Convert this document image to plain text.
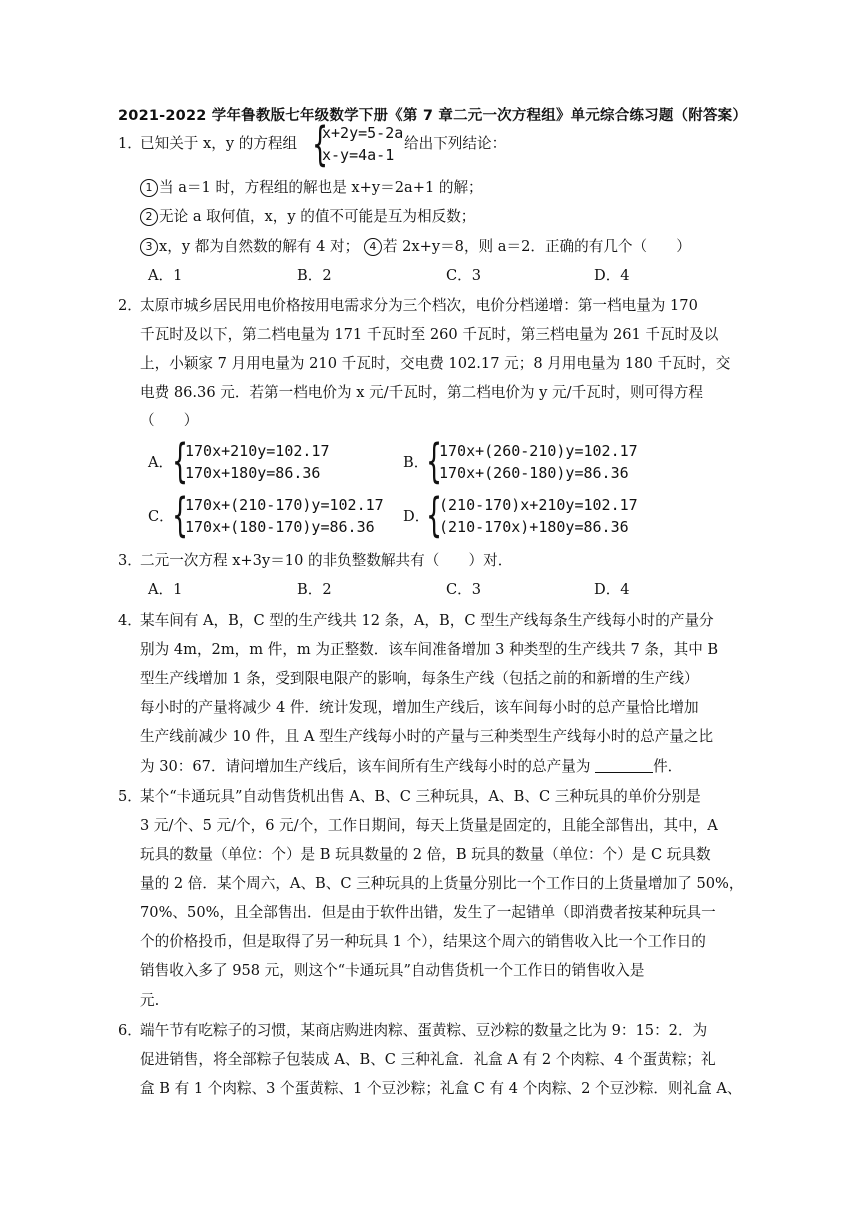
2021-2022 学年鲁教版七年级数学下册《第 7 章二元一次方程组》单元综合练习题（附答案）
1．已知关于 x，y 的方程组 {
x+2y=5-2a
x-y=4a-1
给出下列结论：
1 当 a＝1 时，方程组的解也是 x+y＝2a+1 的解；
2 无论 a 取何值，x，y 的值不可能是互为相反数；
3 x，y 都为自然数的解有 4 对； 4 若 2x+y＝8，则 a＝2．正确的有几个（　　）
A．1	B．2	C．3	D．4
2．太原市城乡居民用电价格按用电需求分为三个档次，电价分档递增：第一档电量为 170
千瓦时及以下，第二档电量为 171 千瓦时至 260 千瓦时，第三档电量为 261 千瓦时及以
上，小颖家 7 月用电量为 210 千瓦时，交电费 102.17 元；8 月用电量为 180 千瓦时，交
电费 86.36 元．若第一档电价为 x 元/千瓦时，第二档电价为 y 元/千瓦时，则可得方程
（　　）
A．
{
170x+210y=102.17
170x+180y=86.36
B．
{
170x+(260-210)y=102.17
170x+(260-180)y=86.36
C．
{
170x+(210-170)y=102.17
170x+(180-170)y=86.36
D．
{
(210-170)x+210y=102.17
(210-170x)+180y=86.36
3．二元一次方程 x+3y＝10 的非负整数解共有（　　）对．
A．1	B．2	C．3	D．4
4．某车间有 A，B，C 型的生产线共 12 条，A，B，C 型生产线每条生产线每小时的产量分
别为 4m，2m，m 件，m 为正整数．该车间准备增加 3 种类型的生产线共 7 条，其中 B
型生产线增加 1 条，受到限电限产的影响，每条生产线（包括之前的和新增的生产线）
每小时的产量将减少 4 件．统计发现，增加生产线后，该车间每小时的总产量恰比增加
生产线前减少 10 件，且 A 型生产线每小时的产量与三种类型生产线每小时的总产量之比
为 30：67．请问增加生产线后，该车间所有生产线每小时的总产量为	件．
5．某个“卡通玩具”自动售货机出售 A、B、C 三种玩具，A、B、C 三种玩具的单价分别是
3 元/个、5 元/个，6 元/个，工作日期间，每天上货量是固定的，且能全部售出，其中，A
玩具的数量（单位：个）是 B 玩具数量的 2 倍，B 玩具的数量（单位：个）是 C 玩具数
量的 2 倍．某个周六，A、B、C 三种玩具的上货量分别比一个工作日的上货量增加了 50%，
70%、50%，且全部售出．但是由于软件出错，发生了一起错单（即消费者按某种玩具一
个的价格投币，但是取得了另一种玩具 1 个），结果这个周六的销售收入比一个工作日的
销售收入多了 958 元，则这个“卡通玩具”自动售货机一个工作日的销售收入是
元.
6．端午节有吃粽子的习惯，某商店购进肉粽、蛋黄粽、豆沙粽的数量之比为 9：15：2．为
促进销售，将全部粽子包装成 A、B、C 三种礼盒．礼盒 A 有 2 个肉粽、4 个蛋黄粽；礼
盒 B 有 1 个肉粽、3 个蛋黄粽、1 个豆沙粽；礼盒 C 有 4 个肉粽、2 个豆沙粽．则礼盒 A、
